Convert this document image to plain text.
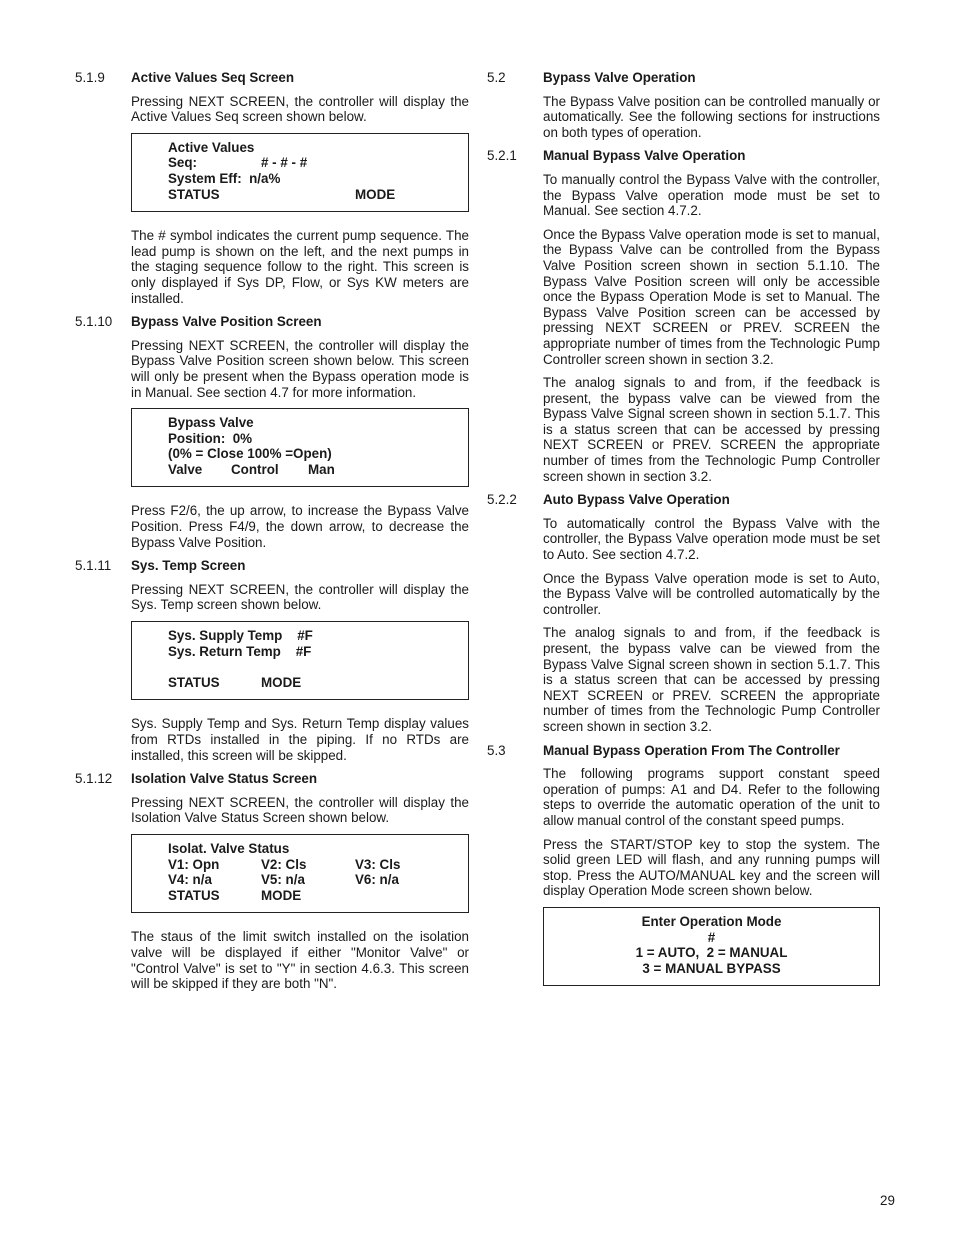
5.1.9	Active Values Seq Screen

Pressing NEXT SCREEN, the controller will display the Active Values Seq screen shown below.

Active Values
Seq:	# - # - #
System Eff:  n/a%
STATUS	MODE

The # symbol indicates the current pump sequence. The lead pump is shown on the left, and the next pumps in the staging sequence follow to the right. This screen is only displayed if Sys DP, Flow, or Sys KW meters are installed.

5.1.10	Bypass Valve Position Screen

Pressing NEXT SCREEN, the controller will display the Bypass Valve Position screen shown below. This screen will only be present when the Bypass operation mode is in Manual. See section 4.7 for more information.

Bypass Valve
Position:  0%
(0% = Close 100% =Open)
Valve	Control	Man

Press F2/6, the up arrow, to increase the Bypass Valve Position. Press F4/9, the down arrow, to decrease the Bypass Valve Position.

5.1.11	Sys. Temp Screen

Pressing NEXT SCREEN, the controller will display the Sys. Temp screen shown below.

Sys. Supply Temp    #F
Sys. Return Temp    #F
STATUS	MODE

Sys. Supply Temp and Sys. Return Temp display values from RTDs installed in the piping. If no RTDs are installed, this screen will be skipped.

5.1.12	Isolation Valve Status Screen

Pressing NEXT SCREEN, the controller will display the Isolation Valve Status Screen shown below.

Isolat. Valve Status
V1: Opn	V2: Cls	V3: Cls
V4: n/a	V5: n/a	V6: n/a
STATUS	MODE

The staus of the limit switch installed on the isolation valve will be displayed if either "Monitor Valve" or "Control Valve" is set to "Y" in section 4.6.3. This screen will be skipped if they are both "N".

5.2	Bypass Valve Operation

The Bypass Valve position can be controlled manually or automatically. See the following sections for instructions on both types of operation.

5.2.1	Manual Bypass Valve Operation

To manually control the Bypass Valve with the controller, the Bypass Valve operation mode must be set to Manual. See section 4.7.2.

Once the Bypass Valve operation mode is set to manual, the Bypass Valve can be controlled from the Bypass Valve Position screen shown in section 5.1.10. The Bypass Valve Position screen will only be accessible once the Bypass Operation Mode is set to Manual. The Bypass Valve Position screen can be accessed by pressing NEXT SCREEN or PREV. SCREEN the appropriate number of times from the Technologic Pump Controller screen shown in section 3.2.

The analog signals to and from, if the feedback is present, the bypass valve can be viewed from the Bypass Valve Signal screen shown in section 5.1.7. This is a status screen that can be accessed by pressing NEXT SCREEN or PREV. SCREEN the appropriate number of times from the Technologic Pump Controller screen shown in section 3.2.

5.2.2	Auto Bypass Valve Operation

To automatically control the Bypass Valve with the controller, the Bypass Valve operation mode must be set to Auto. See section 4.7.2.

Once the Bypass Valve operation mode is set to Auto, the Bypass Valve will be controlled automatically by the controller.

The analog signals to and from, if the feedback is present, the bypass valve can be viewed from the Bypass Valve Signal screen shown in section 5.1.7. This is a status screen that can be accessed by pressing NEXT SCREEN or PREV. SCREEN the appropriate number of times from the Technologic Pump Controller screen shown in section 3.2.

5.3	Manual Bypass Operation From The Controller

The following programs support constant speed operation of pumps: A1 and D4. Refer to the following steps to override the automatic operation of the unit to allow manual control of the constant speed pumps.

Press the START/STOP key to stop the system. The solid green LED will flash, and any running pumps will stop. Press the AUTO/MANUAL key and the screen will display Operation Mode screen shown below.

Enter Operation Mode
#
1 = AUTO,  2 = MANUAL
3 = MANUAL BYPASS
29
